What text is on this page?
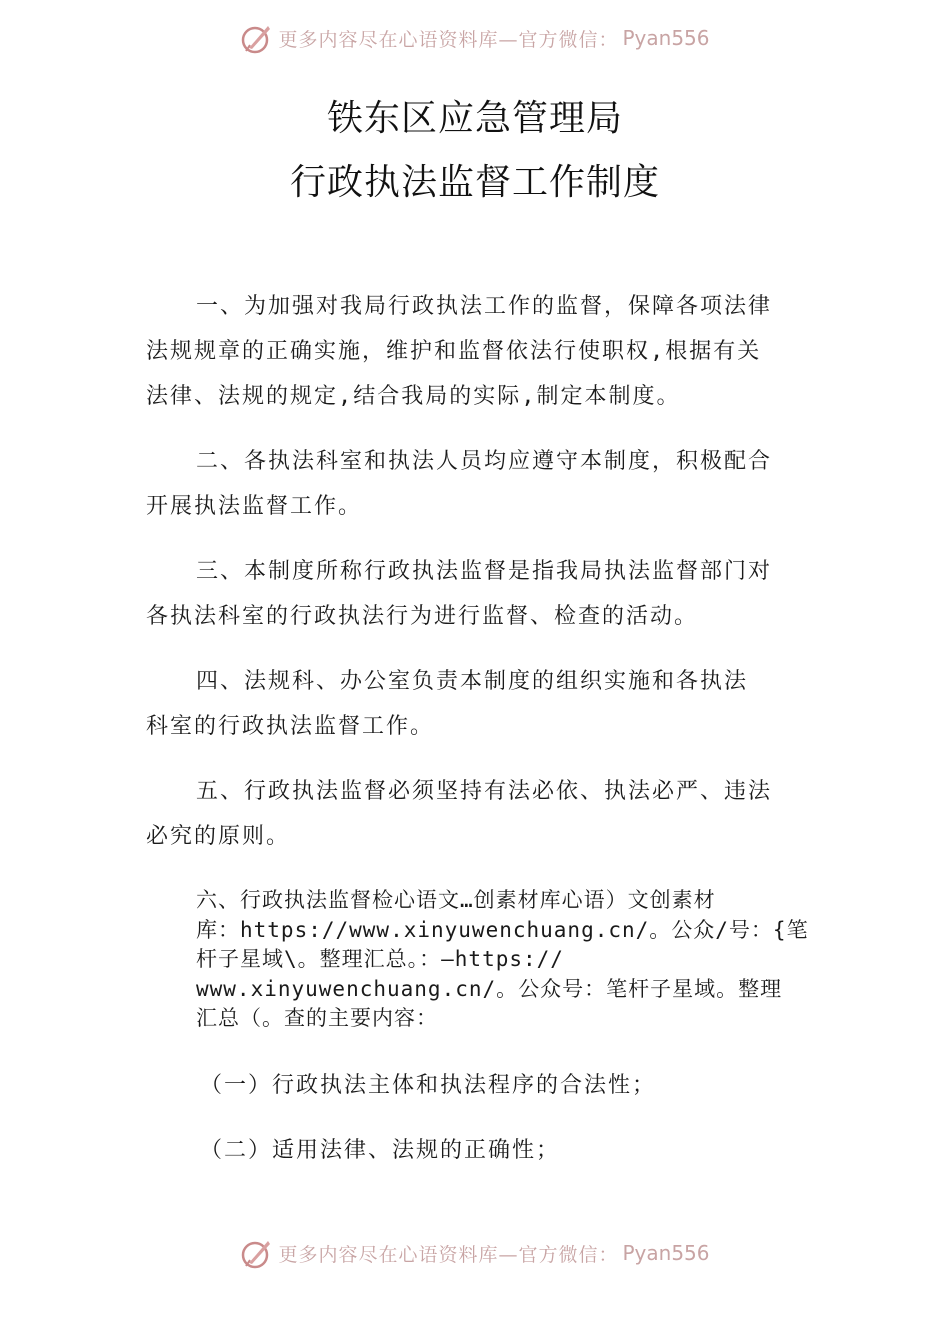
更多内容尽在心语资料库—官方微信： Pyan556
铁东区应急管理局
行政执法监督工作制度
一、为加强对我局行政执法工作的监督，保障各项法律
法规规章的正确实施，维护和监督依法行使职权,根据有关
法律、法规的规定,结合我局的实际,制定本制度。
二、各执法科室和执法人员均应遵守本制度，积极配合
开展执法监督工作。
三、本制度所称行政执法监督是指我局执法监督部门对
各执法科室的行政执法行为进行监督、检查的活动。
四、法规科、办公室负责本制度的组织实施和各执法
科室的行政执法监督工作。
五、行政执法监督必须坚持有法必依、执法必严、违法
必究的原则。
六、行政执法监督检心语文…创素材库心语）文创素材
库：https://www.xinyuwenchuang.cn/。公众/号：{笔
杆子星域\。整理汇总。：—https://
www.xinyuwenchuang.cn/。公众号：笔杆子星域。整理
汇总（。查的主要内容：
（一）行政执法主体和执法程序的合法性；
（二）适用法律、法规的正确性；
更多内容尽在心语资料库—官方微信： Pyan556
